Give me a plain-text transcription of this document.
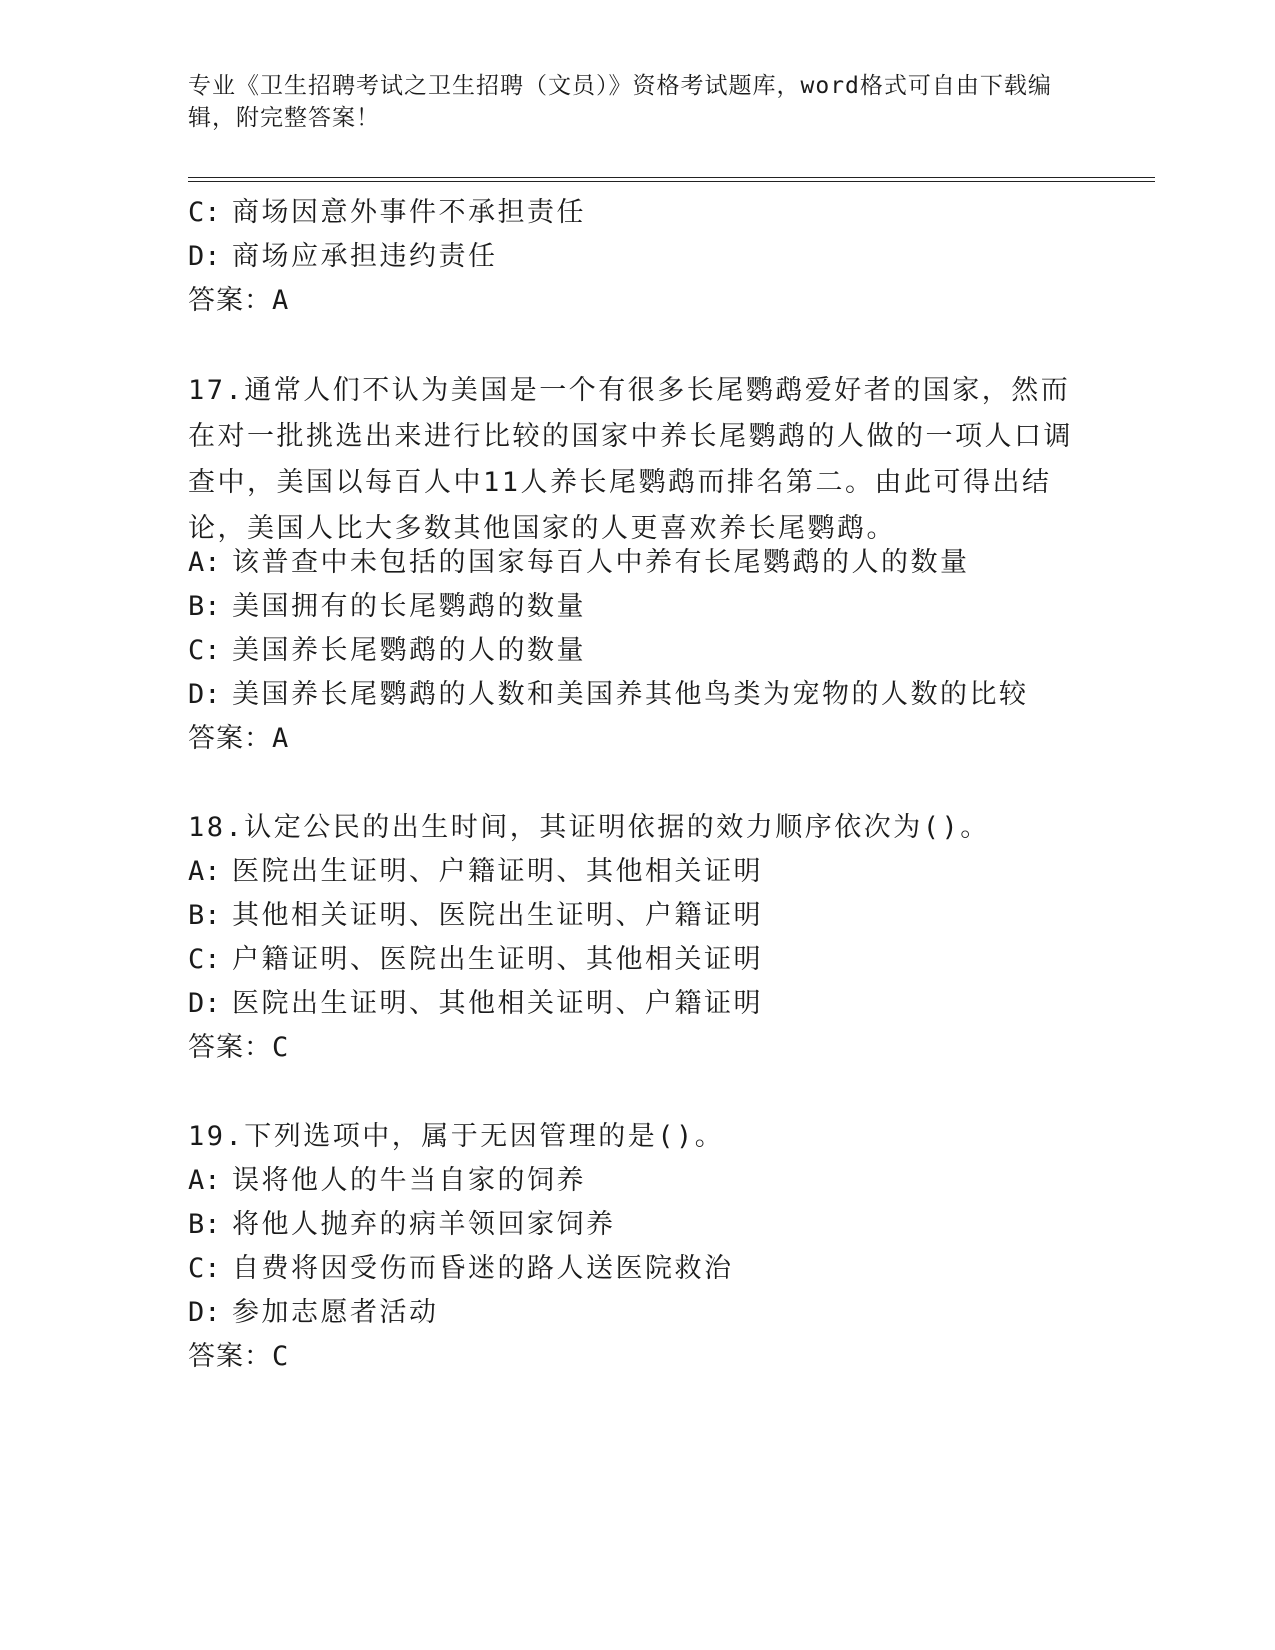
专业《卫生招聘考试之卫生招聘（文员）》资格考试题库，word格式可自由下载编辑，附完整答案！

C: 商场因意外事件不承担责任
D: 商场应承担违约责任
答案：A

17.通常人们不认为美国是一个有很多长尾鹦鹉爱好者的国家，然而在对一批挑选出来进行比较的国家中养长尾鹦鹉的人做的一项人口调查中，美国以每百人中11人养长尾鹦鹉而排名第二。由此可得出结论，美国人比大多数其他国家的人更喜欢养长尾鹦鹉。

A: 该普查中未包括的国家每百人中养有长尾鹦鹉的人的数量
B: 美国拥有的长尾鹦鹉的数量
C: 美国养长尾鹦鹉的人的数量
D: 美国养长尾鹦鹉的人数和美国养其他鸟类为宠物的人数的比较
答案：A
18.认定公民的出生时间，其证明依据的效力顺序依次为()。
A: 医院出生证明、户籍证明、其他相关证明
B: 其他相关证明、医院出生证明、户籍证明
C: 户籍证明、医院出生证明、其他相关证明
D: 医院出生证明、其他相关证明、户籍证明
答案：C
19.下列选项中，属于无因管理的是()。
A: 误将他人的牛当自家的饲养
B: 将他人抛弃的病羊领回家饲养
C: 自费将因受伤而昏迷的路人送医院救治
D: 参加志愿者活动
答案：C
